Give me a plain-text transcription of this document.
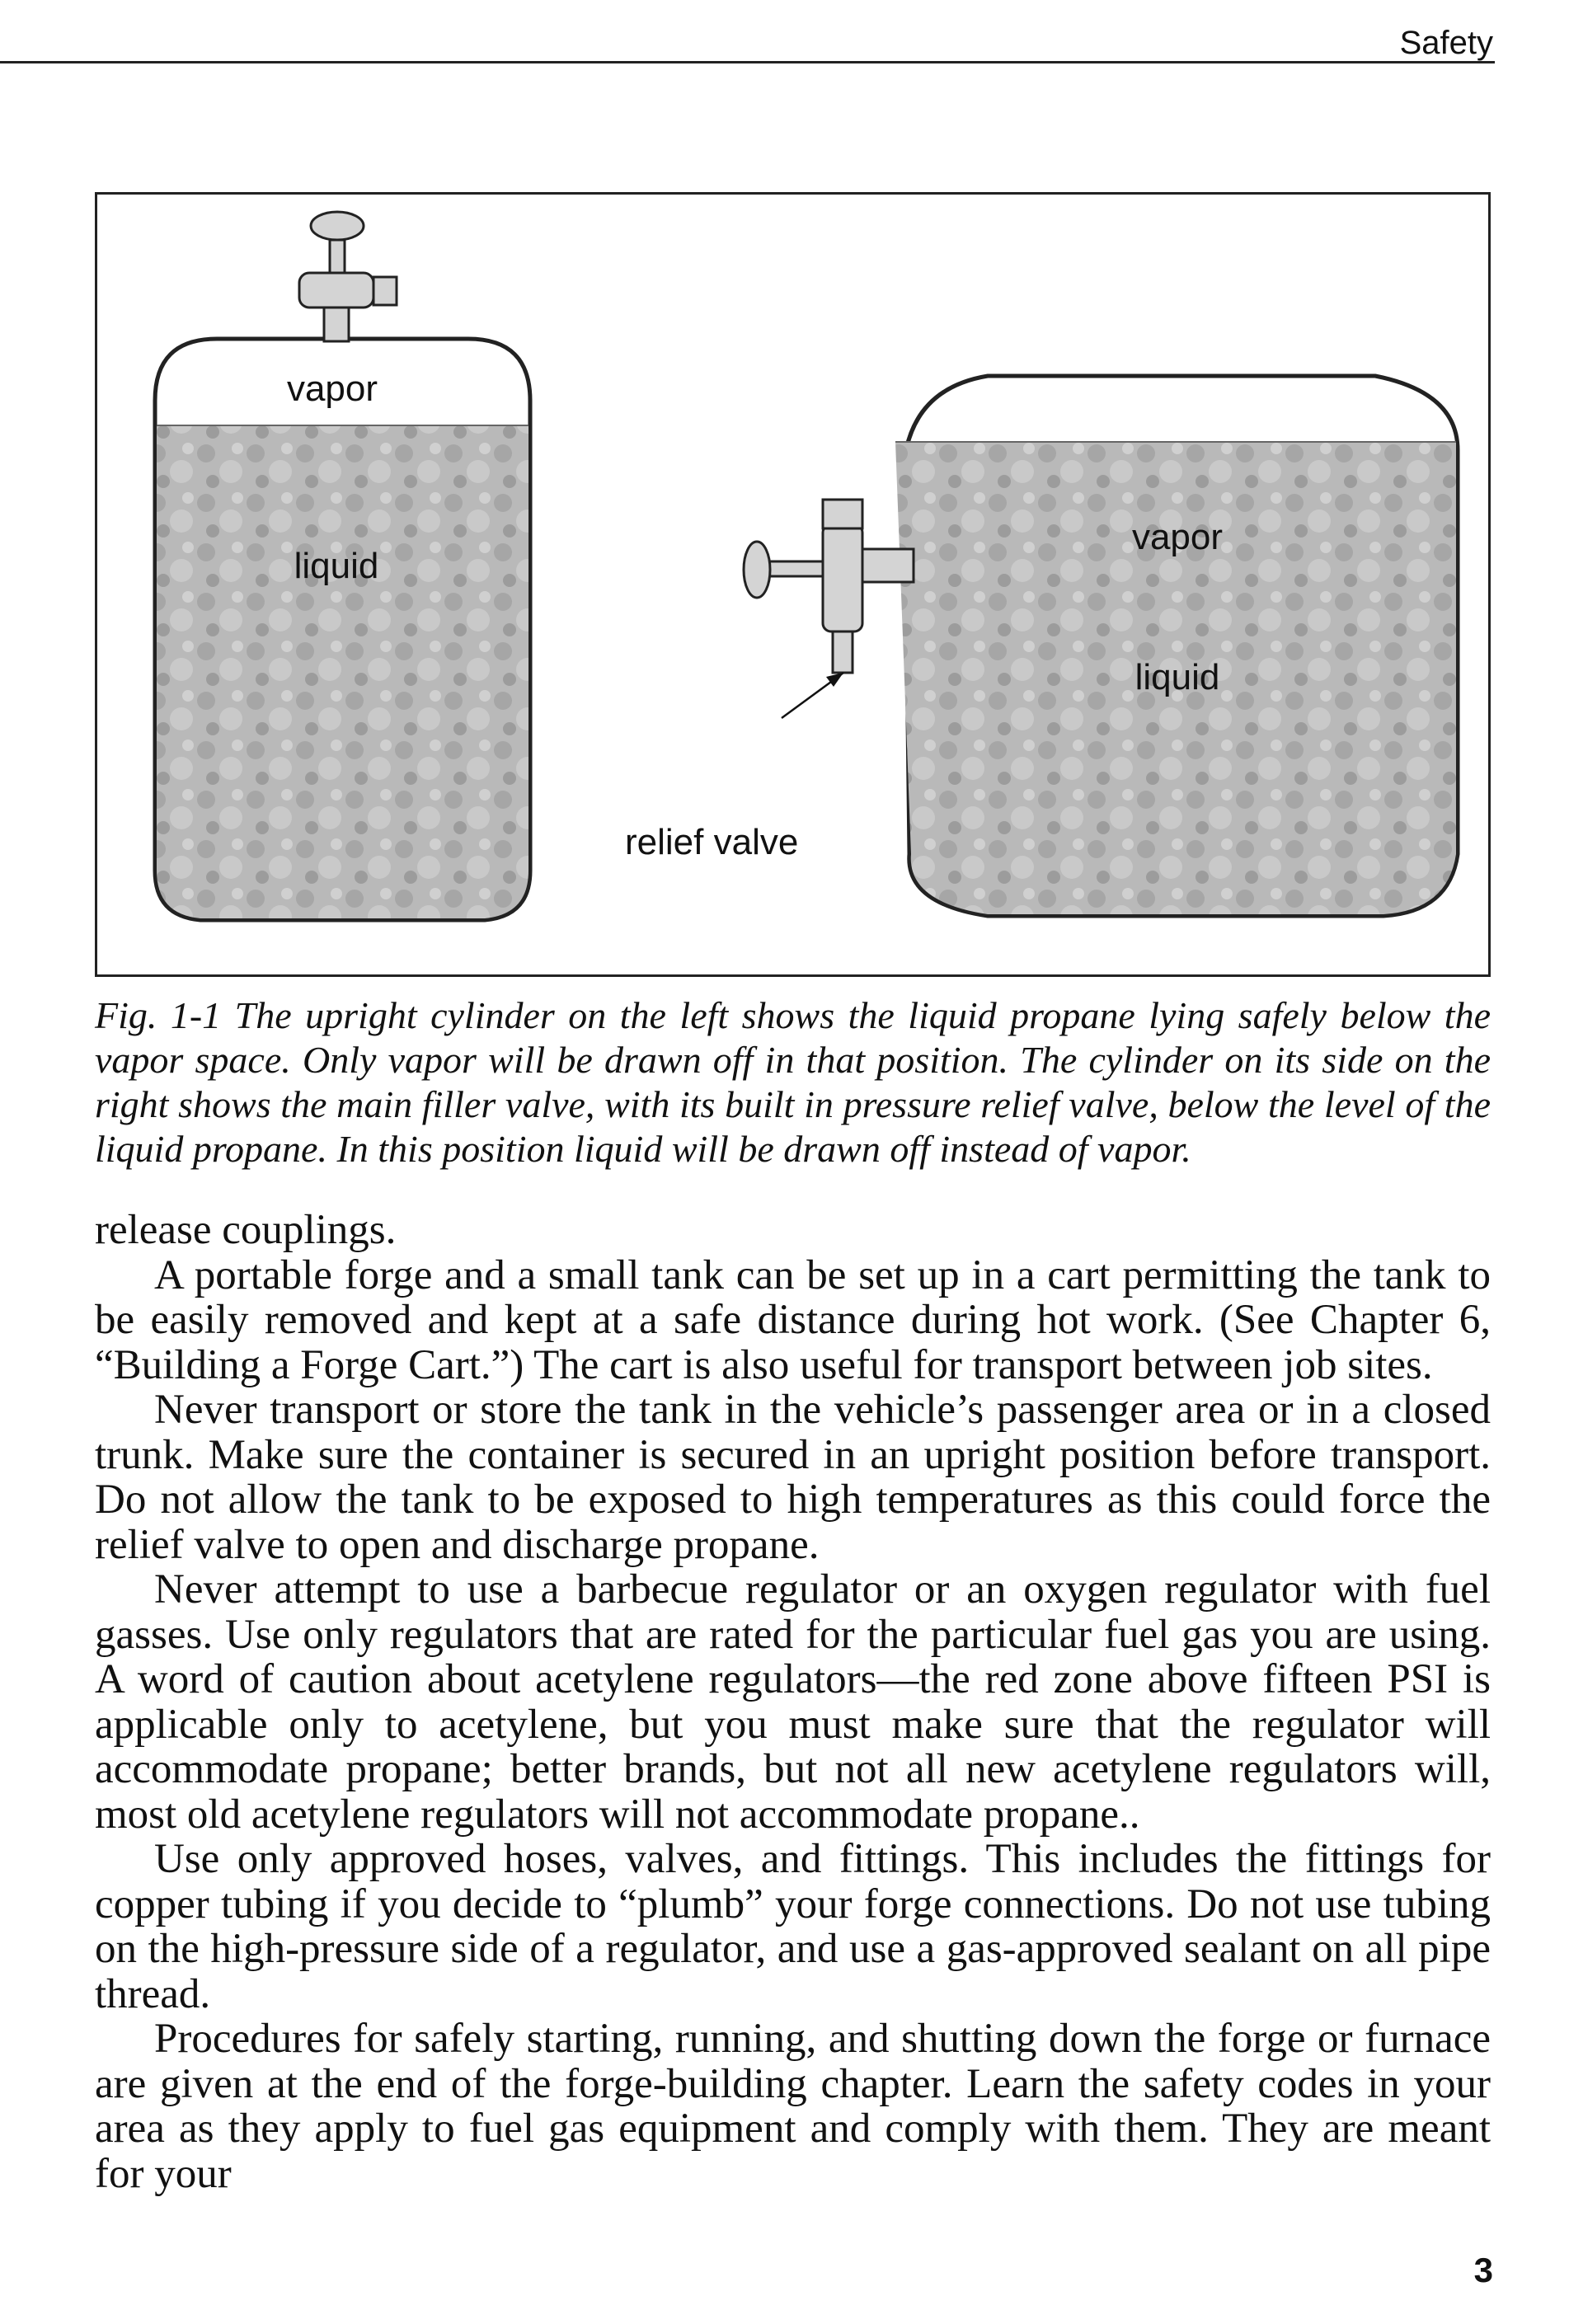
Safety
vapor
liquid
vapor
liquid
relief valve
Fig. 1-1 The upright cylinder on the left shows the liquid propane lying safely below the vapor space. Only vapor will be drawn off in that position. The cylinder on its side on the right shows the main filler valve, with its built in pressure relief valve, below the level of the liquid propane. In this position liquid will be drawn off instead of vapor.

release couplings.

A portable forge and a small tank can be set up in a cart permitting the tank to be easily removed and kept at a safe distance during hot work. (See Chapter 6, “Building a Forge Cart.”) The cart is also useful for transport between job sites.

Never transport or store the tank in the vehicle’s passenger area or in a closed trunk. Make sure the container is secured in an upright position before transport. Do not allow the tank to be exposed to high temperatures as this could force the relief valve to open and discharge propane.

Never attempt to use a barbecue regulator or an oxygen regulator with fuel gasses. Use only regulators that are rated for the particular fuel gas you are using. A word of caution about acetylene regulators—the red zone above fifteen PSI is applicable only to acetylene, but you must make sure that the regulator will accommodate propane; better brands, but not all new acetylene regulators will, most old acetylene regulators will not accommodate propane..

Use only approved hoses, valves, and fittings. This includes the fittings for copper tubing if you decide to “plumb” your forge connections. Do not use tubing on the high-pressure side of a regulator, and use a gas-approved sealant on all pipe thread.

Procedures for safely starting, running, and shutting down the forge or furnace are given at the end of the forge-building chapter. Learn the safety codes in your area as they apply to fuel gas equipment and comply with them. They are meant for your

3
